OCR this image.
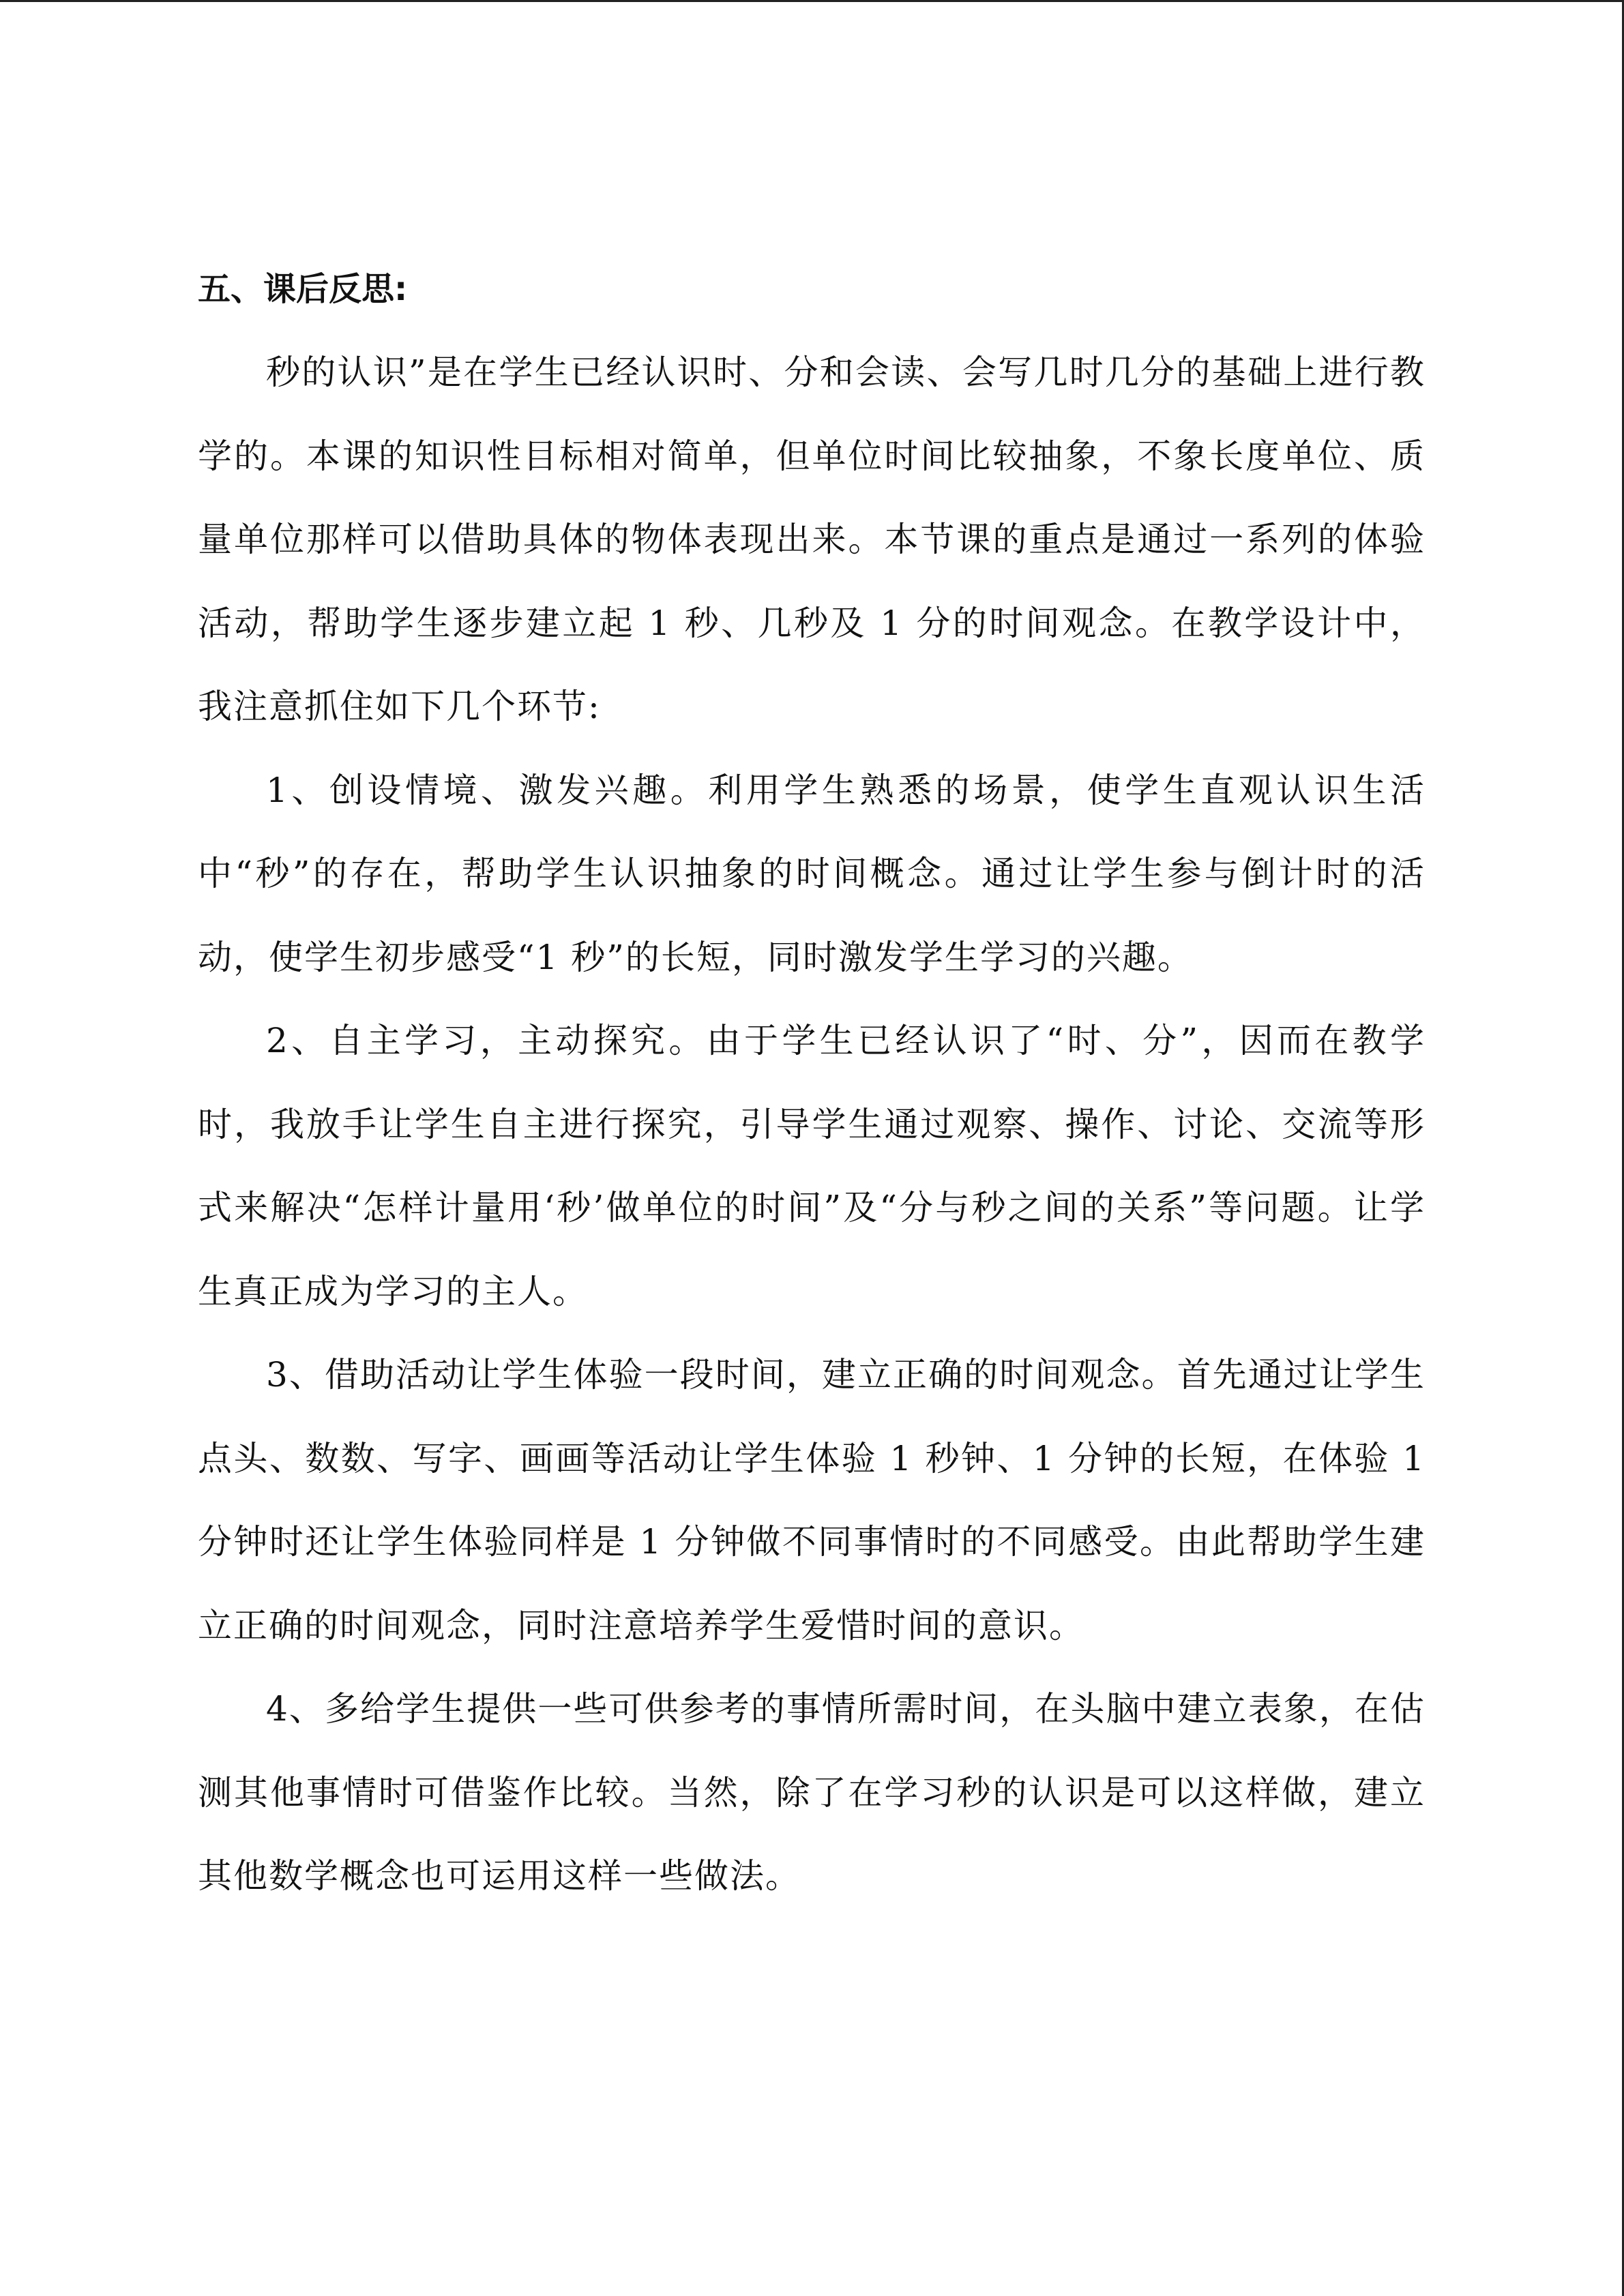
五、课后反思:

秒的认识”是在学生已经认识时、分和会读、会写几时几分的基础上进行教学的。本课的知识性目标相对简单，但单位时间比较抽象，不象长度单位、质量单位那样可以借助具体的物体表现出来。本节课的重点是通过一系列的体验活动，帮助学生逐步建立起 1 秒、几秒及 1 分的时间观念。在教学设计中，我注意抓住如下几个环节:

1、创设情境、激发兴趣。利用学生熟悉的场景，使学生直观认识生活中“秒”的存在，帮助学生认识抽象的时间概念。通过让学生参与倒计时的活动，使学生初步感受“1 秒”的长短，同时激发学生学习的兴趣。

2、自主学习，主动探究。由于学生已经认识了“时、分”，因而在教学时，我放手让学生自主进行探究，引导学生通过观察、操作、讨论、交流等形式来解决“怎样计量用‘秒’做单位的时间”及“分与秒之间的关系”等问题。让学生真正成为学习的主人。

3、借助活动让学生体验一段时间，建立正确的时间观念。首先通过让学生点头、数数、写字、画画等活动让学生体验 1 秒钟、1 分钟的长短，在体验 1 分钟时还让学生体验同样是 1 分钟做不同事情时的不同感受。由此帮助学生建立正确的时间观念，同时注意培养学生爱惜时间的意识。

4、多给学生提供一些可供参考的事情所需时间，在头脑中建立表象，在估测其他事情时可借鉴作比较。当然，除了在学习秒的认识是可以这样做，建立其他数学概念也可运用这样一些做法。
